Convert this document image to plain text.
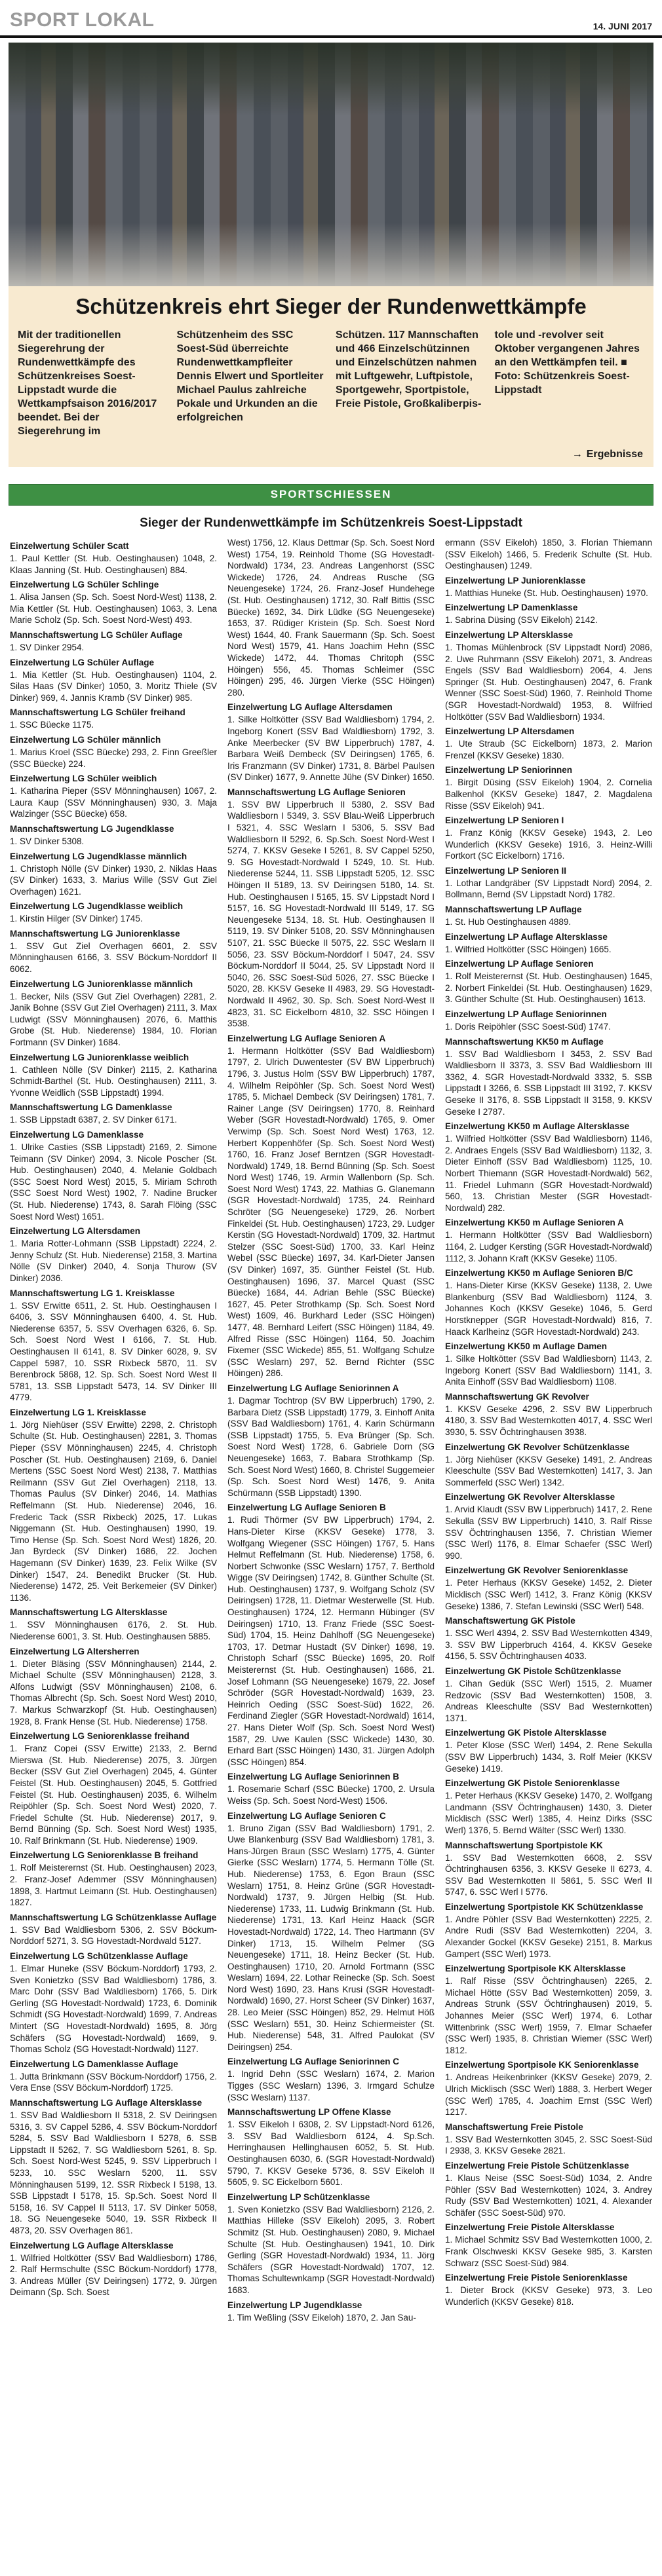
SPORT LOKAL	14. JUNI 2017
Schützenkreis ehrt Sieger der Rundenwettkämpfe
Mit der traditionellen Siegerehrung der Rundenwettkämpfe des Schützenkreises Soest-Lippstadt wurde die Wettkampfsaison 2016/2017 beendet. Bei der Siegerehrung im
Schützenheim des SSC Soest-Süd überreichte Rundenwettkampfleiter Dennis Elwert und Sportleiter Michael Paulus zahlreiche Pokale und Urkunden an die erfolgreichen
Schützen. 117 Mannschaften und 466 Einzelschützinnen und Einzelschützen nahmen mit Luftgewehr, Luftpistole, Sportgewehr, Sportpistole, Freie Pistole, Großkaliberpis-
tole und -revolver seit Oktober vergangenen Jahres an den Wettkämpfen teil. ■ Foto: Schützenkreis Soest-Lippstadt
→ Ergebnisse
SPORTSCHIESSEN
Sieger der Rundenwettkämpfe im Schützenkreis Soest-Lippstadt
Einzelwertung Schüler Scatt
1. Paul Kettler (St. Hub. Oestinghausen) 1048, 2. Klaas Janning (St. Hub. Oestinghausen) 884.
Einzelwertung LG Schüler Schlinge
1. Alisa Jansen (Sp. Sch. Soest Nord-West) 1138, 2. Mia Kettler (St. Hub. Oestinghausen) 1063, 3. Lena Marie Scholz (Sp. Sch. Soest Nord-West) 493.
Mannschaftswertung LG Schüler Auflage
1. SV Dinker 2954.
Einzelwertung LG Schüler Auflage
1. Mia Kettler (St. Hub. Oestinghausen) 1104, 2. Silas Haas (SV Dinker) 1050, 3. Moritz Thiele (SV Dinker) 969, 4. Jannis Kramb (SV Dinker) 985.
Mannschaftswertung LG Schüler freihand
1. SSC Büecke 1175.
Einzelwertung LG Schüler männlich
1. Marius Kroel (SSC Büecke) 293, 2. Finn Greeßler (SSC Büecke) 224.
Einzelwertung LG Schüler weiblich
1. Katharina Pieper (SSV Mönninghausen) 1067, 2. Laura Kaup (SSV Mönninghausen) 930, 3. Maja Walzinger (SSC Büecke) 658.
Mannschaftswertung LG Jugendklasse
1. SV Dinker 5308.
Einzelwertung LG Jugendklasse männlich
1. Christoph Nölle (SV Dinker) 1930, 2. Niklas Haas (SV Dinker) 1633, 3. Marius Wille (SSV Gut Ziel Overhagen) 1621.
Einzelwertung LG Jugendklasse weiblich
1. Kirstin Hilger (SV Dinker) 1745.
Mannschaftswertung LG Juniorenklasse
1. SSV Gut Ziel Overhagen 6601, 2. SSV Mönninghausen 6166, 3. SSV Böckum-Norddorf II 6062.
Einzelwertung LG Juniorenklasse männlich
1. Becker, Nils (SSV Gut Ziel Overhagen) 2281, 2. Janik Bohne (SSV Gut Ziel Overhagen) 2111, 3. Max Ludwigt (SSV Mönninghausen) 2076, 6. Matthis Grobe (St. Hub. Niederense) 1984, 10. Florian Fortmann (SV Dinker) 1684.
Einzelwertung LG Juniorenklasse weiblich
1. Cathleen Nölle (SV Dinker) 2115, 2. Katharina Schmidt-Barthel (St. Hub. Oestinghausen) 2111, 3. Yvonne Weidlich (SSB Lippstadt) 1994.
Mannschaftswertung LG Damenklasse
1. SSB Lippstadt 6387, 2. SV Dinker 6171.
Einzelwertung LG Damenklasse
1. Ulrike Casties (SSB Lippstadt) 2169, 2. Simone Teimann (SV Dinker) 2094, 3. Nicole Poscher (St. Hub. Oestinghausen) 2040, 4. Melanie Goldbach (SSC Soest Nord West) 2015, 5. Miriam Schroth (SSC Soest Nord West) 1902, 7. Nadine Brucker (St. Hub. Niederense) 1743, 8. Sarah Flöing (SSC Soest Nord West) 1651.
Einzelwertung LG Altersdamen
1. Maria Rotter-Lohmann (SSB Lippstadt) 2224, 2. Jenny Schulz (St. Hub. Niederense) 2158, 3. Martina Nölle (SV Dinker) 2040, 4. Sonja Thurow (SV Dinker) 2036.
Mannschaftswertung LG 1. Kreisklasse
1. SSV Erwitte 6511, 2. St. Hub. Oestinghausen I 6406, 3. SSV Mönninghausen 6400, 4. St. Hub. Niederense 6357, 5. SSV Overhagen 6326, 6. Sp. Sch. Soest Nord West I 6166, 7. St. Hub. Oestinghausen II 6141, 8. SV Dinker 6028, 9. SV Cappel 5987, 10. SSR Rixbeck 5870, 11. SV Berenbrock 5868, 12. Sp. Sch. Soest Nord West II 5781, 13. SSB Lippstadt 5473, 14. SV Dinker III 4779.
Einzelwertung LG 1. Kreisklasse
1. Jörg Niehüser (SSV Erwitte) 2298, 2. Christoph Schulte (St. Hub. Oestinghausen) 2281, 3. Thomas Pieper (SSV Mönninghausen) 2245, 4. Christoph Poscher (St. Hub. Oestinghausen) 2169, 6. Daniel Mertens (SSC Soest Nord West) 2138, 7. Matthias Reilmann (SSV Gut Ziel Overhagen) 2118, 13. Thomas Paulus (SV Dinker) 2046, 14. Mathias Reffelmann (St. Hub. Niederense) 2046, 16. Frederic Tack (SSR Rixbeck) 2025, 17. Lukas Niggemann (St. Hub. Oestinghausen) 1990, 19. Timo Hense (Sp. Sch. Soest Nord West) 1826, 20. Jan Byrdeck (SV Dinker) 1686, 22. Jochen Hagemann (SV Dinker) 1639, 23. Felix Wilke (SV Dinker) 1547, 24. Benedikt Brucker (St. Hub. Niederense) 1472, 25. Veit Berkemeier (SV Dinker) 1136.
Mannschaftswertung LG Altersklasse
1. SSV Mönninghausen 6176, 2. St. Hub. Niederense 6001, 3. St. Hub. Oestinghausen 5885.
Einzelwertung LG Altersherren
1. Dieter Bläsing (SSV Mönninghausen) 2144, 2. Michael Schulte (SSV Mönninghausen) 2128, 3. Alfons Ludwigt (SSV Mönninghausen) 2108, 6. Thomas Albrecht (Sp. Sch. Soest Nord West) 2010, 7. Markus Schwarzkopf (St. Hub. Oestinghausen) 1928, 8. Frank Hense (St. Hub. Niederense) 1758.
Einzelwertung LG Seniorenklasse freihand
1. Franz Copei (SSV Erwitte) 2133, 2. Bernd Mierswa (St. Hub. Niederense) 2075, 3. Jürgen Becker (SSV Gut Ziel Overhagen) 2045, 4. Günter Feistel (St. Hub. Oestinghausen) 2045, 5. Gottfried Feistel (St. Hub. Oestinghausen) 2035, 6. Wilhelm Reipöhler (Sp. Sch. Soest Nord West) 2020, 7. Friedel Schulte (St. Hub. Niederense) 2017, 9. Bernd Bünning (Sp. Sch. Soest Nord West) 1935, 10. Ralf Brinkmann (St. Hub. Niederense) 1909.
Einzelwertung LG Seniorenklasse B freihand
1. Rolf Meisterernst (St. Hub. Oestinghausen) 2023, 2. Franz-Josef Ademmer (SSV Mönninghausen) 1898, 3. Hartmut Leimann (St. Hub. Oestinghausen) 1827.
Mannschaftswertung LG Schützenklasse Auflage
1. SSV Bad Waldliesborn 5306, 2. SSV Böckum-Norddorf 5271, 3. SG Hovestadt-Nordwald 5127.
Einzelwertung LG Schützenklasse Auflage
1. Elmar Huneke (SSV Böckum-Norddorf) 1793, 2. Sven Konietzko (SSV Bad Waldliesborn) 1786, 3. Marc Dohr (SSV Bad Waldliesborn) 1766, 5. Dirk Gerling (SG Hovestadt-Nordwald) 1723, 6. Dominik Schmidt (SG Hovestadt-Nordwald) 1699, 7. Andreas Mintert (SG Hovestadt-Nordwald) 1695, 8. Jörg Schäfers (SG Hovestadt-Nordwald) 1669, 9. Thomas Scholz (SG Hovestadt-Nordwald) 1127.
Einzelwertung LG Damenklasse Auflage
1. Jutta Brinkmann (SSV Böckum-Norddorf) 1756, 2. Vera Ense (SSV Böckum-Norddorf) 1725.
Mannschaftswertung LG Auflage Altersklasse
1. SSV Bad Waldliesborn II 5318, 2. SV Deiringsen 5316, 3. SV Cappel 5286, 4. SSV Böckum-Norddorf 5284, 5. SSV Bad Waldliesborn I 5278, 6. SSB Lippstadt II 5262, 7. SG Waldliesborn 5261, 8. Sp. Sch. Soest Nord-West 5245, 9. SSV Lipperbruch I 5233, 10. SSC Weslarn 5200, 11. SSV Mönninghausen 5199, 12. SSR Rixbeck I 5198, 13. SSB Lippstadt I 5178, 15. Sp.Sch. Soest Nord II 5158, 16. SV Cappel II 5113, 17. SV Dinker 5058, 18. SG Neuengeseke 5040, 19. SSR Rixbeck II 4873, 20. SSV Overhagen 861.
Einzelwertung LG Auflage Altersklasse
1. Wilfried Holtkötter (SSV Bad Waldliesborn) 1786, 2. Ralf Hermschulte (SSC Böckum-Norddorf) 1778, 3. Andreas Müller (SV Deiringsen) 1772, 9. Jürgen Deimann (Sp. Sch. Soest
West) 1756, 12. Klaus Dettmar (Sp. Sch. Soest Nord West) 1754, 19. Reinhold Thome (SG Hovestadt-Nordwald) 1734, 23. Andreas Langenhorst (SSC Wickede) 1726, 24. Andreas Rusche (SG Neuengeseke) 1724, 26. Franz-Josef Hundehege (St. Hub. Oestinghausen) 1712, 30. Ralf Bittis (SSC Büecke) 1692, 34. Dirk Lüdke (SG Neuengeseke) 1653, 37. Rüdiger Kristein (Sp. Sch. Soest Nord West) 1644, 40. Frank Sauermann (Sp. Sch. Soest Nord West) 1579, 41. Hans Joachim Hehn (SSC Wickede) 1472, 44. Thomas Chritoph (SSC Höingen) 556, 45. Thomas Schleimer (SSC Höingen) 295, 46. Jürgen Vierke (SSC Höingen) 280.
Einzelwertung LG Auflage Altersdamen
1. Silke Holtkötter (SSV Bad Waldliesborn) 1794, 2. Ingeborg Konert (SSV Bad Waldliesborn) 1792, 3. Anke Meerbecker (SV BW Lipperbruch) 1787, 4. Barbara Weiß Dembeck (SV Deiringsen) 1765, 6. Iris Franzmann (SV Dinker) 1731, 8. Bärbel Paulsen (SV Dinker) 1677, 9. Annette Jühe (SV Dinker) 1650.
Mannschaftswertung LG Auflage Senioren
1. SSV BW Lipperbruch II 5380, 2. SSV Bad Waldliesborn I 5349, 3. SSV Blau-Weiß Lipperbruch I 5321, 4. SSC Weslarn I 5306, 5. SSV Bad Waldliesborn II 5292, 6. Sp.Sch. Soest Nord-West I 5274, 7. KKSV Geseke I 5261, 8. SV Cappel 5250, 9. SG Hovestadt-Nordwald I 5249, 10. St. Hub. Niederense 5244, 11. SSB Lippstadt 5205, 12. SSC Höingen II 5189, 13. SV Deiringsen 5180, 14. St. Hub. Oestinghausen I 5165, 15. SV Lippstadt Nord I 5157, 16. SG Hovestadt-Nordwald III 5149, 17. SG Neuengeseke 5134, 18. St. Hub. Oestinghausen II 5119, 19. SV Dinker 5108, 20. SSV Mönninghausen 5107, 21. SSC Büecke II 5075, 22. SSC Weslarn II 5056, 23. SSV Böckum-Norddorf I 5047, 24. SSV Böckum-Norddorf II 5044, 25. SV Lippstadt Nord II 5040, 26. SSC Soest-Süd 5026, 27. SSC Büecke I 5020, 28. KKSV Geseke II 4983, 29. SG Hovestadt-Nordwald II 4962, 30. Sp. Sch. Soest Nord-West II 4823, 31. SC Eickelborn 4810, 32. SSC Höingen I 3538.
Einzelwertung LG Auflage Senioren A
1. Hermann Holtkötter (SSV Bad Waldliesborn) 1797, 2. Ulrich Duwentester (SV BW Lipperbruch) 1796, 3. Justus Holm (SSV BW Lipperbruch) 1787, 4. Wilhelm Reipöhler (Sp. Sch. Soest Nord West) 1785, 5. Michael Dembeck (SV Deiringsen) 1781, 7. Rainer Lange (SV Deiringsen) 1770, 8. Reinhard Weber (SGR Hovestadt-Nordwald) 1765, 9. Omer Verwimp (Sp. Sch. Soest Nord West) 1763, 12. Herbert Koppenhöfer (Sp. Sch. Soest Nord West) 1760, 16. Franz Josef Berntzen (SGR Hovestadt-Nordwald) 1749, 18. Bernd Bünning (Sp. Sch. Soest Nord West) 1746, 19. Armin Wallenborn (Sp. Sch. Soest Nord West) 1743, 22. Mathias G. Glanemann (SGR Hovestadt-Nordwald) 1735, 24. Reinhard Schröter (SG Neuengeseke) 1729, 26. Norbert Finkeldei (St. Hub. Oestinghausen) 1723, 29. Ludger Kerstin (SG Hovestadt-Nordwald) 1709, 32. Hartmut Stelzer (SSC Soest-Süd) 1700, 33. Karl Heinz Webel (SSC Büecke) 1697, 34. Karl-Dieter Jansen (SV Dinker) 1697, 35. Günther Feistel (St. Hub. Oestinghausen) 1696, 37. Marcel Quast (SSC Büecke) 1684, 44. Adrian Behle (SSC Büecke) 1627, 45. Peter Strothkamp (Sp. Sch. Soest Nord West) 1609, 46. Burkhard Leder (SSC Höingen) 1477, 48. Bernhard Leifert (SSC Höingen) 1184, 49. Alfred Risse (SSC Höingen) 1164, 50. Joachim Fixemer (SSC Wickede) 855, 51. Wolfgang Schulze (SSC Weslarn) 297, 52. Bernd Richter (SSC Höingen) 286.
Einzelwertung LG Auflage Seniorinnen A
1. Dagmar Tochtrop (SV BW Lipperbruch) 1790, 2. Barbara Dietz (SSB Lippstadt) 1779, 3. Einhoff Anita (SSV Bad Waldliesborn) 1761, 4. Karin Schürmann (SSB Lippstadt) 1755, 5. Eva Brünger (Sp. Sch. Soest Nord West) 1728, 6. Gabriele Dorn (SG Neuengeseke) 1663, 7. Babara Strothkamp (Sp. Sch. Soest Nord West) 1660, 8. Christel Suggemeier (Sp. Sch. Soest Nord West) 1476, 9. Anita Schürmann (SSB Lippstadt) 1390.
Einzelwertung LG Auflage Senioren B
1. Rudi Thörmer (SV BW Lipperbruch) 1794, 2. Hans-Dieter Kirse (KKSV Geseke) 1778, 3. Wolfgang Wiegener (SSC Höingen) 1767, 5. Hans Helmut Reffelmann (St. Hub. Niederense) 1758, 6. Norbert Schwonke (SSC Weslarn) 1757, 7. Berthold Wigge (SV Deiringsen) 1742, 8. Günther Schulte (St. Hub. Oestinghausen) 1737, 9. Wolfgang Scholz (SV Deiringsen) 1728, 11. Dietmar Westerwelle (St. Hub. Oestinghausen) 1724, 12. Hermann Hübinger (SV Deiringsen) 1710, 13. Franz Friede (SSC Soest-Süd) 1704, 15. Heinz Dahlhoff (SG Neuengeseke) 1703, 17. Detmar Hustadt (SV Dinker) 1698, 19. Christoph Scharf (SSC Büecke) 1695, 20. Rolf Meisterernst (St. Hub. Oestinghausen) 1686, 21. Josef Lohmann (SG Neuengeseke) 1679, 22. Josef Schröder (SGR Hovestadt-Nordwald) 1639, 23. Heinrich Oeding (SSC Soest-Süd) 1622, 26. Ferdinand Ziegler (SGR Hovestadt-Nordwald) 1614, 27. Hans Dieter Wolf (Sp. Sch. Soest Nord West) 1587, 29. Uwe Kaulen (SSC Wickede) 1430, 30. Erhard Bart (SSC Höingen) 1430, 31. Jürgen Adolph (SSC Höingen) 854.
Einzelwertung LG Auflage Seniorinnen B
1. Rosemarie Scharf (SSC Büecke) 1700, 2. Ursula Weiss (Sp. Sch. Soest Nord-West) 1506.
Einzelwertung LG Auflage Senioren C
1. Bruno Zigan (SSV Bad Waldliesborn) 1791, 2. Uwe Blankenburg (SSV Bad Waldliesborn) 1781, 3. Hans-Jürgen Braun (SSC Weslarn) 1775, 4. Günter Gierke (SSC Weslarn) 1774, 5. Hermann Tölle (St. Hub. Niederense) 1753, 6. Egon Braun (SSC Weslarn) 1751, 8. Heinz Grüne (SGR Hovestadt-Nordwald) 1737, 9. Jürgen Helbig (St. Hub. Niederense) 1733, 11. Ludwig Brinkmann (St. Hub. Niederense) 1731, 13. Karl Heinz Haack (SGR Hovestadt-Nordwald) 1722, 14. Theo Hartmann (SV Dinker) 1713, 15. Wilhelm Pelmer (SG Neuengeseke) 1711, 18. Heinz Becker (St. Hub. Oestinghausen) 1710, 20. Arnold Fortmann (SSC Weslarn) 1694, 22. Lothar Reinecke (Sp. Sch. Soest Nord West) 1690, 23. Hans Krusi (SGR Hovestadt-Nordwald) 1690, 27. Horst Scheer (SV Dinker) 1637, 28. Leo Meier (SSC Höingen) 852, 29. Helmut Höß (SSC Weslarn) 551, 30. Heinz Schiermeister (St. Hub. Niederense) 548, 31. Alfred Paulokat (SV Deiringsen) 254.
Einzelwertung LG Auflage Seniorinnen C
1. Ingrid Dehn (SSC Weslarn) 1674, 2. Marion Tigges (SSC Weslarn) 1396, 3. Irmgard Schulze (SSC Weslarn) 1137.
Mannschaftswertung LP Offene Klasse
1. SSV Eikeloh I 6308, 2. SV Lippstadt-Nord 6126, 3. SSV Bad Waldliesborn 6124, 4. Sp.Sch. Herringhausen Hellinghausen 6052, 5. St. Hub. Oestinghausen 6030, 6. (SGR Hovestadt-Nordwald) 5790, 7. KKSV Geseke 5736, 8. SSV Eikeloh II 5605, 9. SC Eickelborn 5601.
Einzelwertung LP Schützenklasse
1. Sven Konietzko (SSV Bad Waldliesborn) 2126, 2. Matthias Hilleke (SSV Eikeloh) 2095, 3. Robert Schmitz (St. Hub. Oestinghausen) 2080, 9. Michael Schulte (St. Hub. Oestinghausen) 1941, 10. Dirk Gerling (SGR Hovestadt-Nordwald) 1934, 11. Jörg Schäfers (SGR Hovestadt-Nordwald) 1707, 12. Thomas Schultewnkamp (SGR Hovestadt-Nordwald) 1683.
Einzelwertung LP Jugendklasse
1. Tim Weßling (SSV Eikeloh) 1870, 2. Jan Sau-
ermann (SSV Eikeloh) 1850, 3. Florian Thiemann (SSV Eikeloh) 1466, 5. Frederik Schulte (St. Hub. Oestinghausen) 1249.
Einzelwertung LP Juniorenklasse
1. Matthias Huneke (St. Hub. Oestinghausen) 1970.
Einzelwertung LP Damenklasse
1. Sabrina Düsing (SSV Eikeloh) 2142.
Einzelwertung LP Altersklasse
1. Thomas Mühlenbrock (SV Lippstadt Nord) 2086, 2. Uwe Ruhrmann (SSV Eikeloh) 2071, 3. Andreas Engels (SSV Bad Waldliesborn) 2064, 4. Jens Springer (St. Hub. Oestinghausen) 2047, 6. Frank Wenner (SSC Soest-Süd) 1960, 7. Reinhold Thome (SGR Hovestadt-Nordwald) 1953, 8. Wilfried Holtkötter (SSV Bad Waldliesborn) 1934.
Einzelwertung LP Altersdamen
1. Ute Straub (SC Eickelborn) 1873, 2. Marion Frenzel (KKSV Geseke) 1830.
Einzelwertung LP Seniorinnen
1. Birgit Düsing (SSV Eikeloh) 1904, 2. Cornelia Balkenhol (KKSV Geseke) 1847, 2. Magdalena Risse (SSV Eikeloh) 941.
Einzelwertung LP Senioren I
1. Franz König (KKSV Geseke) 1943, 2. Leo Wunderlich (KKSV Geseke) 1916, 3. Heinz-Willi Fortkort (SC Eickelborn) 1716.
Einzelwertung LP Senioren II
1. Lothar Landgräber (SV Lippstadt Nord) 2094, 2. Bollmann, Bernd (SV Lippstadt Nord) 1782.
Mannschaftswertung LP Auflage
1. St. Hub Oestinghausen 4889.
Einzelwertung LP Auflage Altersklasse
1. Wilfried Holtkötter (SSC Höingen) 1665.
Einzelwertung LP Auflage Senioren
1. Rolf Meisterernst (St. Hub. Oestinghausen) 1645, 2. Norbert Finkeldei (St. Hub. Oestinghausen) 1629, 3. Günther Schulte (St. Hub. Oestinghausen) 1613.
Einzelwertung LP Auflage Seniorinnen
1. Doris Reipöhler (SSC Soest-Süd) 1747.
Mannschaftswertung KK50 m Auflage
1. SSV Bad Waldliesborn I 3453, 2. SSV Bad Waldliesborn II 3373, 3. SSV Bad Waldliesborn III 3362, 4. SGR Hovestadt-Nordwald 3332, 5. SSB Lippstadt I 3266, 6. SSB Lippstadt III 3192, 7. KKSV Geseke II 3176, 8. SSB Lippstadt II 3158, 9. KKSV Geseke I 2787.
Einzelwertung KK50 m Auflage Altersklasse
1. Wilfried Holtkötter (SSV Bad Waldliesborn) 1146, 2. Andraes Engels (SSV Bad Waldliesborn) 1132, 3. Dieter Einhoff (SSV Bad Waldliesborn) 1125, 10. Norbert Thiemann (SGR Hovestadt-Nordwald) 562, 11. Friedel Luhmann (SGR Hovestadt-Nordwald) 560, 13. Christian Mester (SGR Hovestadt-Nordwald) 282.
Einzelwertung KK50 m Auflage Senioren A
1. Hermann Holtkötter (SSV Bad Waldliesborn) 1164, 2. Ludger Kersting (SGR Hovestadt-Nordwald) 1112, 3. Johann Kraft (KKSV Geseke) 1105.
Einzelwertung KK50 m Auflage Senioren B/C
1. Hans-Dieter Kirse (KKSV Geseke) 1138, 2. Uwe Blankenburg (SSV Bad Waldliesborn) 1124, 3. Johannes Koch (KKSV Geseke) 1046, 5. Gerd Horstknepper (SGR Hovestadt-Nordwald) 816, 7. Haack Karlheinz (SGR Hovestadt-Nordwald) 243.
Einzelwertung KK50 m Auflage Damen
1. Silke Holtkötter (SSV Bad Waldliesborn) 1143, 2. Ingeborg Konert (SSV Bad Waldliesborn) 1141, 3. Anita Einhoff (SSV Bad Waldliesborn) 1108.
Mannschaftswertung GK Revolver
1. KKSV Geseke 4296, 2. SSV BW Lipperbruch 4180, 3. SSV Bad Westernkotten 4017, 4. SSC Werl 3930, 5. SSV Öchtringhausen 3938.
Einzelwertung GK Revolver Schützenklasse
1. Jörg Niehüser (KKSV Geseke) 1491, 2. Andreas Kleeschulte (SSV Bad Westernkotten) 1417, 3. Jan Sommerfeld (SSC Werl) 1342.
Einzelwertung GK Revolver Altersklasse
1. Arvid Klaudt (SSV BW Lipperbruch) 1417, 2. Rene Sekulla (SSV BW Lipperbruch) 1410, 3. Ralf Risse SSV Öchtringhausen 1356, 7. Christian Wiemer (SSC Werl) 1176, 8. Elmar Schaefer (SSC Werl) 990.
Einzelwertung GK Revolver Seniorenklasse
1. Peter Herhaus (KKSV Geseke) 1452, 2. Dieter Micklisch (SSC Werl) 1412, 3. Franz König (KKSV Geseke) 1386, 7. Stefan Lewinski (SSC Werl) 548.
Manschaftswertung GK Pistole
1. SSC Werl 4394, 2. SSV Bad Westernkotten 4349, 3. SSV BW Lipperbruch 4164, 4. KKSV Geseke 4156, 5. SSV Öchtringhausen 4033.
Einzelwertung GK Pistole Schützenklasse
1. Cihan Gedük (SSC Werl) 1515, 2. Muamer Redzovic (SSV Bad Westernkotten) 1508, 3. Andreas Kleeschulte (SSV Bad Westernkotten) 1371.
Einzelwertung GK Pistole Altersklasse
1. Peter Klose (SSC Werl) 1494, 2. Rene Sekulla (SSV BW Lipperbruch) 1434, 3. Rolf Meier (KKSV Geseke) 1419.
Einzelwertung GK Pistole Seniorenklasse
1. Peter Herhaus (KKSV Geseke) 1470, 2. Wolfgang Landmann (SSV Öchtringhausen) 1430, 3. Dieter Micklisch (SSC Werl) 1385, 4. Heinz Dirks (SSC Werl) 1376, 5. Bernd Wälter (SSC Werl) 1330.
Mannschaftswertung Sportpistole KK
1. SSV Bad Westernkotten 6608, 2. SSV Öchtringhausen 6356, 3. KKSV Geseke II 6273, 4. SSV Bad Westernkotten II 5861, 5. SSC Werl II 5747, 6. SSC Werl I 5776.
Einzelwertung Sportpistole KK Schützenklasse
1. Andre Pöhler (SSV Bad Westernkotten) 2225, 2. Andre Rudi (SSV Bad Westernkotten) 2204, 3. Alexander Gockel (KKSV Geseke) 2151, 8. Markus Gampert (SSC Werl) 1973.
Einzelwertung Sportpisole KK Altersklasse
1. Ralf Risse (SSV Öchtringhausen) 2265, 2. Michael Hötte (SSV Bad Westernkotten) 2059, 3. Andreas Strunk (SSV Öchtringhausen) 2019, 5. Johannes Meier (SSC Werl) 1974, 6. Lothar Wittenbrink (SSC Werl) 1959, 7. Elmar Schaefer (SSC Werl) 1935, 8. Christian Wiemer (SSC Werl) 1812.
Einzelwertung Sportpisole KK Seniorenklasse
1. Andreas Heikenbrinker (KKSV Geseke) 2079, 2. Ulrich Micklisch (SSC Werl) 1888, 3. Herbert Weger (SSC Werl) 1785, 4. Joachim Ernst (SSC Werl) 1217.
Manschaftswertung Freie Pistole
1. SSV Bad Westernkotten 3045, 2. SSC Soest-Süd I 2938, 3. KKSV Geseke 2821.
Einzelwertung Freie Pistole Schützenklasse
1. Klaus Neise (SSC Soest-Süd) 1034, 2. Andre Pöhler (SSV Bad Westernkotten) 1024, 3. Andrey Rudy (SSV Bad Westernkotten) 1021, 4. Alexander Schäfer (SSC Soest-Süd) 970.
Einzelwertung Freie Pistole Altersklasse
1. Michael Schmitz SSV Bad Westernkotten 1000, 2. Frank Olschweski KKSV Geseke 985, 3. Karsten Schwarz (SSC Soest-Süd) 984.
Einzelwertung Freie Pistole Seniorenklasse
1. Dieter Brock (KKSV Geseke) 973, 3. Leo Wunderlich (KKSV Geseke) 818.
